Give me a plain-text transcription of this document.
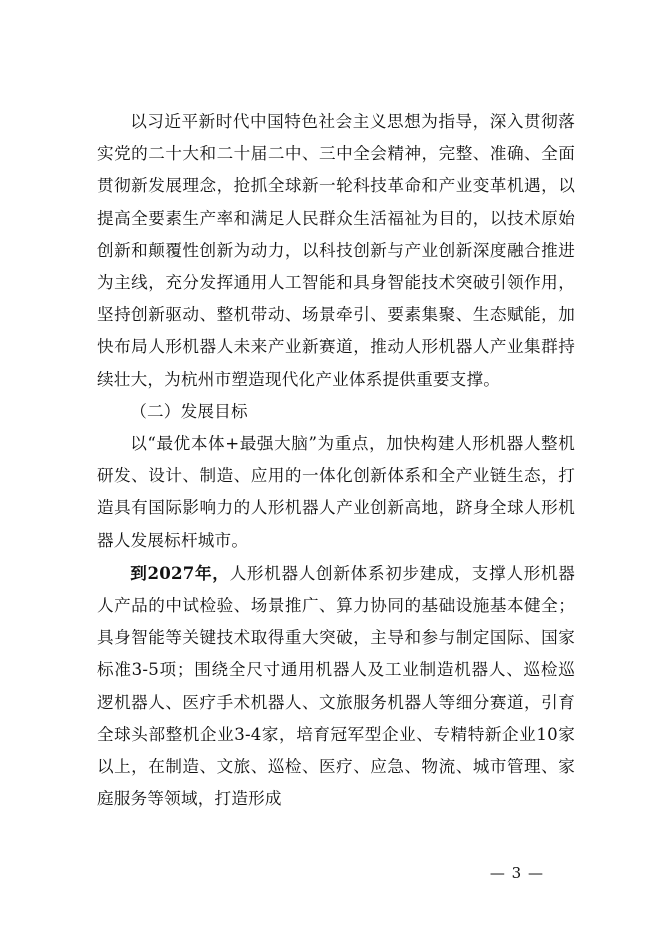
以习近平新时代中国特色社会主义思想为指导，深入贯彻落实党的二十大和二十届二中、三中全会精神，完整、准确、全面贯彻新发展理念，抢抓全球新一轮科技革命和产业变革机遇，以提高全要素生产率和满足人民群众生活福祉为目的，以技术原始创新和颠覆性创新为动力，以科技创新与产业创新深度融合推进为主线，充分发挥通用人工智能和具身智能技术突破引领作用，坚持创新驱动、整机带动、场景牵引、要素集聚、生态赋能，加快布局人形机器人未来产业新赛道，推动人形机器人产业集群持续壮大，为杭州市塑造现代化产业体系提供重要支撑。

（二）发展目标

以“最优本体+最强大脑”为重点，加快构建人形机器人整机研发、设计、制造、应用的一体化创新体系和全产业链生态，打造具有国际影响力的人形机器人产业创新高地，跻身全球人形机器人发展标杆城市。

到2027年，人形机器人创新体系初步建成，支撑人形机器人产品的中试检验、场景推广、算力协同的基础设施基本健全；具身智能等关键技术取得重大突破，主导和参与制定国际、国家标准3-5项；围绕全尺寸通用机器人及工业制造机器人、巡检巡逻机器人、医疗手术机器人、文旅服务机器人等细分赛道，引育全球头部整机企业3-4家，培育冠军型企业、专精特新企业10家以上，在制造、文旅、巡检、医疗、应急、物流、城市管理、家庭服务等领域，打造形成

— 3 —
